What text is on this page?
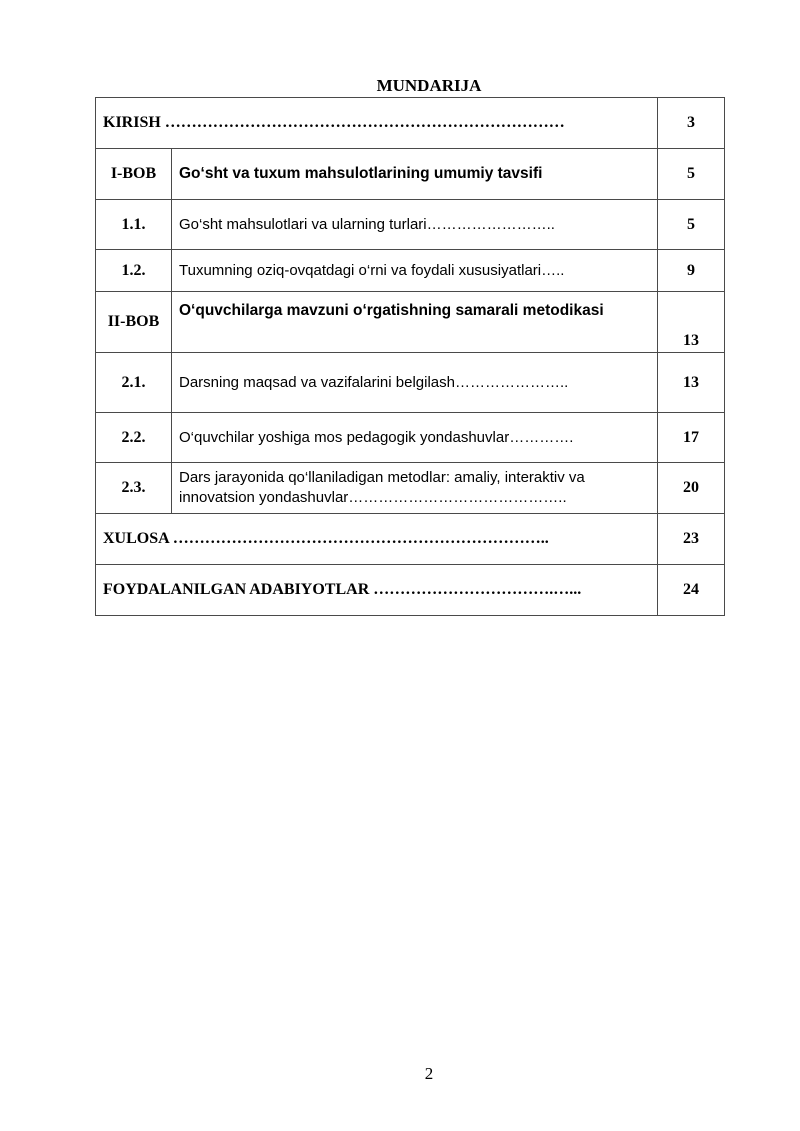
MUNDARIJA
KIRISH …………………………………………………………………		3
I-BOB	Go‘sht va tuxum mahsulotlarining umumiy tavsifi	5
1.1.	Go‘sht mahsulotlari va ularning turlari……………………..	5
1.2.	Tuxumning oziq-ovqatdagi o‘rni va foydali xususiyatlari…..	9
II-BOB	O‘quvchilarga mavzuni o‘rgatishning samarali metodikasi	13
2.1.	Darsning maqsad va vazifalarini belgilash…………………..	13
2.2.	O‘quvchilar yoshiga mos pedagogik yondashuvlar………….	17
2.3.	Dars jarayonida qo‘llaniladigan metodlar: amaliy, interaktiv va innovatsion yondashuvlar……………………………………..	20
XULOSA ……………………………………………………………..		23
FOYDALANILGAN ADABIYOTLAR …………………………….…...		24
2
